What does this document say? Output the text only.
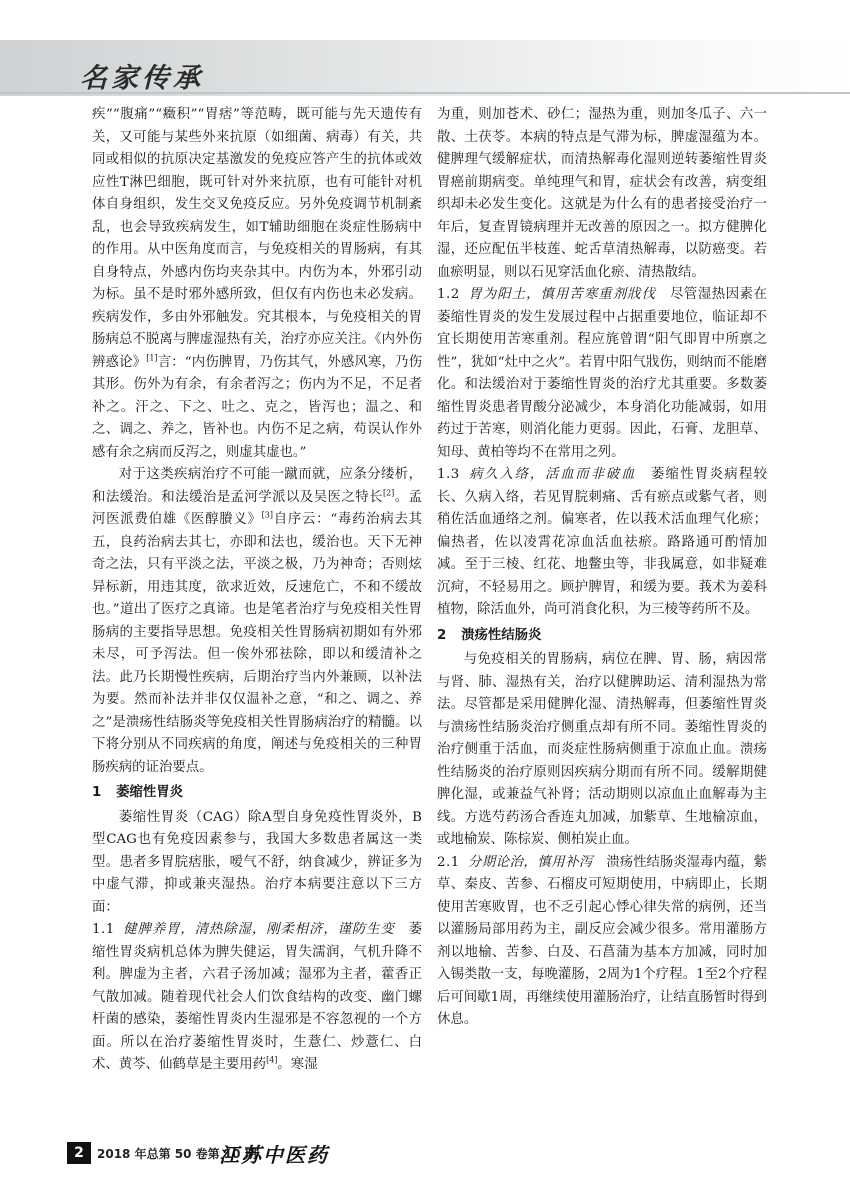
名家传承

疾”“腹痛”“癥积”“胃痞”等范畴，既可能与先天遗传有关，又可能与某些外来抗原（如细菌、病毒）有关，共同或相似的抗原决定基激发的免疫应答产生的抗体或效应性T淋巴细胞，既可针对外来抗原，也有可能针对机体自身组织，发生交叉免疫反应。另外免疫调节机制紊乱，也会导致疾病发生，如T辅助细胞在炎症性肠病中的作用。从中医角度而言，与免疫相关的胃肠病，有其自身特点，外感内伤均夹杂其中。内伤为本，外邪引动为标。虽不是时邪外感所致，但仅有内伤也未必发病。疾病发作，多由外邪触发。究其根本，与免疫相关的胃肠病总不脱离与脾虚湿热有关，治疗亦应关注。《内外伤辨惑论》[1]言：“内伤脾胃，乃伤其气，外感风寒，乃伤其形。伤外为有余，有余者泻之；伤内为不足，不足者补之。汗之、下之、吐之、克之，皆泻也；温之、和之、调之、养之，皆补也。内伤不足之病，苟误认作外感有余之病而反泻之，则虚其虚也。”

对于这类疾病治疗不可能一蹴而就，应条分缕析，和法缓治。和法缓治是孟河学派以及吴医之特长[2]。孟河医派费伯雄《医醇賸义》[3]自序云：“毒药治病去其五，良药治病去其七，亦即和法也，缓治也。天下无神奇之法，只有平淡之法，平淡之极，乃为神奇；否则炫异标新，用违其度，欲求近效，反速危亡，不和不缓故也。”道出了医疗之真谛。也是笔者治疗与免疫相关性胃肠病的主要指导思想。免疫相关性胃肠病初期如有外邪未尽，可予泻法。但一俟外邪祛除，即以和缓清补之法。此乃长期慢性疾病，后期治疗当内外兼顾，以补法为要。然而补法并非仅仅温补之意，“和之、调之、养之”是溃疡性结肠炎等免疫相关性胃肠病治疗的精髓。以下将分别从不同疾病的角度，阐述与免疫相关的三种胃肠疾病的证治要点。

1 萎缩性胃炎

萎缩性胃炎（CAG）除A型自身免疫性胃炎外，B型CAG也有免疫因素参与，我国大多数患者属这一类型。患者多胃脘痞胀，嗳气不舒，纳食减少，辨证多为中虚气滞，抑或兼夹湿热。治疗本病要注意以下三方面：

1.1 健脾养胃，清热除湿，刚柔相济，谨防生变　 萎缩性胃炎病机总体为脾失健运，胃失濡润，气机升降不利。脾虚为主者，六君子汤加减；湿邪为主者，藿香正气散加减。随着现代社会人们饮食结构的改变、幽门螺杆菌的感染，萎缩性胃炎内生湿邪是不容忽视的一个方面。所以在治疗萎缩性胃炎时，生薏仁、炒薏仁、白术、黄芩、仙鹤草是主要用药[4]。寒湿

为重，则加苍术、砂仁；湿热为重，则加冬瓜子、六一散、土茯苓。本病的特点是气滞为标，脾虚湿蕴为本。健脾理气缓解症状，而清热解毒化湿则逆转萎缩性胃炎胃癌前期病变。单纯理气和胃，症状会有改善，病变组织却未必发生变化。这就是为什么有的患者接受治疗一年后，复查胃镜病理并无改善的原因之一。拟方健脾化湿，还应配伍半枝莲、蛇舌草清热解毒，以防癌变。若血瘀明显，则以石见穿活血化瘀、清热散结。

1.2 胃为阳土，慎用苦寒重剂戕伐　 尽管湿热因素在萎缩性胃炎的发生发展过程中占据重要地位，临证却不宜长期使用苦寒重剂。程应旄曾谓“阳气即胃中所禀之性”，犹如“灶中之火”。若胃中阳气戕伤，则纳而不能磨化。和法缓治对于萎缩性胃炎的治疗尤其重要。多数萎缩性胃炎患者胃酸分泌减少，本身消化功能减弱，如用药过于苦寒，则消化能力更弱。因此，石膏、龙胆草、知母、黄柏等均不在常用之列。

1.3 病久入络，活血而非破血　 萎缩性胃炎病程较长、久病入络，若见胃脘刺痛、舌有瘀点或紫气者，则稍佐活血通络之剂。偏寒者，佐以莪术活血理气化瘀；偏热者，佐以凌霄花凉血活血祛瘀。路路通可酌情加减。至于三棱、红花、地鳖虫等，非我属意，如非疑难沉疴，不轻易用之。顾护脾胃，和缓为要。莪术为姜科植物，除活血外，尚可消食化积，为三棱等药所不及。

2 溃疡性结肠炎

与免疫相关的胃肠病，病位在脾、胃、肠，病因常与肾、肺、湿热有关，治疗以健脾助运、清利湿热为常法。尽管都是采用健脾化湿、清热解毒，但萎缩性胃炎与溃疡性结肠炎治疗侧重点却有所不同。萎缩性胃炎的治疗侧重于活血，而炎症性肠病侧重于凉血止血。溃疡性结肠炎的治疗原则因疾病分期而有所不同。缓解期健脾化湿，或兼益气补肾；活动期则以凉血止血解毒为主线。方选芍药汤合香连丸加减，加紫草、生地榆凉血，或地榆炭、陈棕炭、侧柏炭止血。

2.1 分期论治，慎用补泻　 溃疡性结肠炎湿毒内蕴，紫草、秦皮、苦参、石榴皮可短期使用，中病即止，长期使用苦寒败胃，也不乏引起心悸心律失常的病例，还当以灌肠局部用药为主，副反应会减少很多。常用灌肠方剂以地榆、苦参、白及、石菖蒲为基本方加减，同时加入锡类散一支，每晚灌肠，2周为1个疗程。1至2个疗程后可间歇1周，再继续使用灌肠治疗，让结直肠暂时得到休息。

2	2018 年总第 50 卷第 10 期
江苏中医药
